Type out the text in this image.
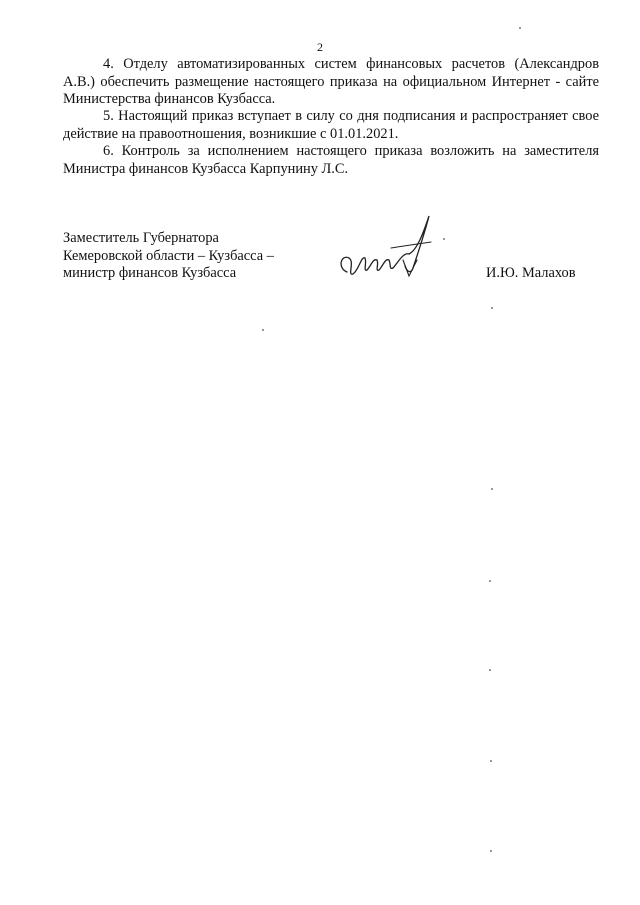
2

4. Отделу автоматизированных систем финансовых расчетов (Александров А.В.) обеспечить размещение настоящего приказа на официальном Интернет - сайте Министерства финансов Кузбасса.

5. Настоящий приказ вступает в силу со дня подписания и распространяет свое действие на правоотношения, возникшие с 01.01.2021.

6. Контроль за исполнением настоящего приказа возложить на заместителя Министра финансов Кузбасса Карпунину Л.С.

Заместитель Губернатора
Кемеровской области – Кузбасса –
министр финансов Кузбасса	И.Ю. Малахов
